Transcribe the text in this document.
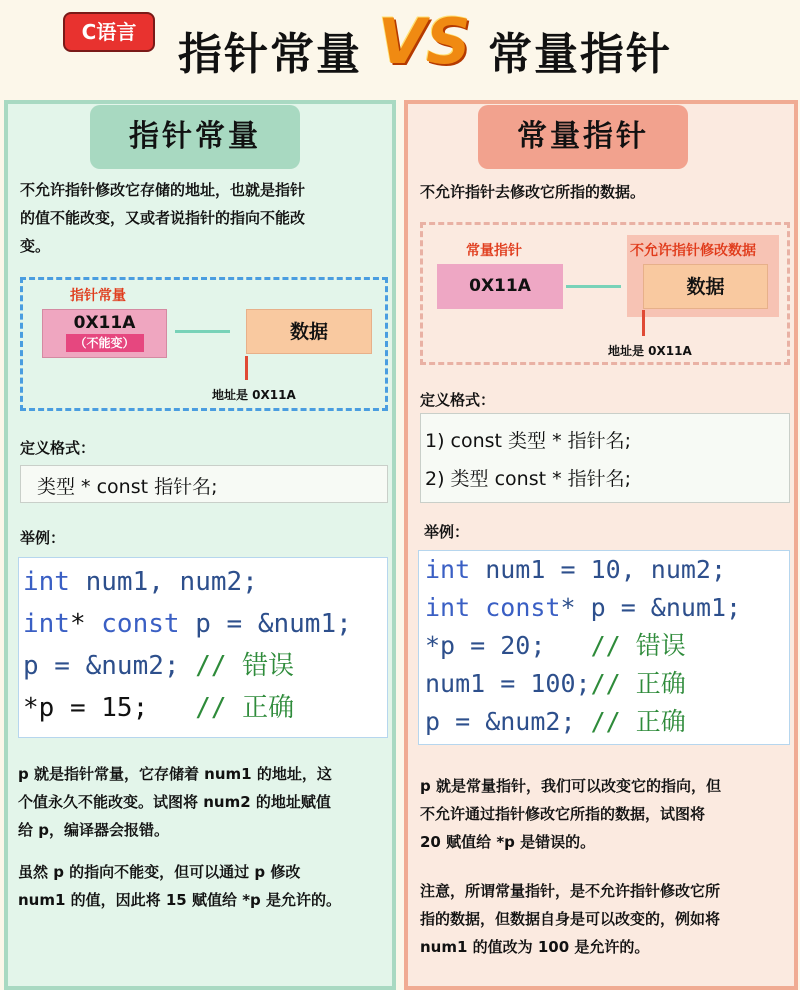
C语言 指针常量 VS 常量指针
指针常量
不允许指针修改它存储的地址，也就是指针
的值不能改变，又或者说指针的指向不能改
变。
指针常量
0X11A
（不能变）	数据
地址是 0X11A
定义格式：
类型 * const 指针名;
举例：
int num1, num2;
int* const p = &num1;
p = &num2; // 错误
*p = 15;   // 正确
p 就是指针常量，它存储着 num1 的地址，这
个值永久不能改变。试图将 num2 的地址赋值
给 p，编译器会报错。
虽然 p 的指向不能变，但可以通过 p 修改
num1 的值，因此将 15 赋值给 *p 是允许的。
常量指针
不允许指针去修改它所指的数据。
常量指针
0X11A
不允许指针修改数据
数据
地址是 0X11A
定义格式：
1) const 类型 * 指针名;
2) 类型 const * 指针名;
举例：
int num1 = 10, num2;
int const* p = &num1;
*p = 20;   // 错误
num1 = 100;// 正确
p = &num2; // 正确
p 就是常量指针，我们可以改变它的指向，但
不允许通过指针修改它所指的数据，试图将
20 赋值给 *p 是错误的。
注意，所谓常量指针，是不允许指针修改它所
指的数据，但数据自身是可以改变的，例如将
num1 的值改为 100 是允许的。
